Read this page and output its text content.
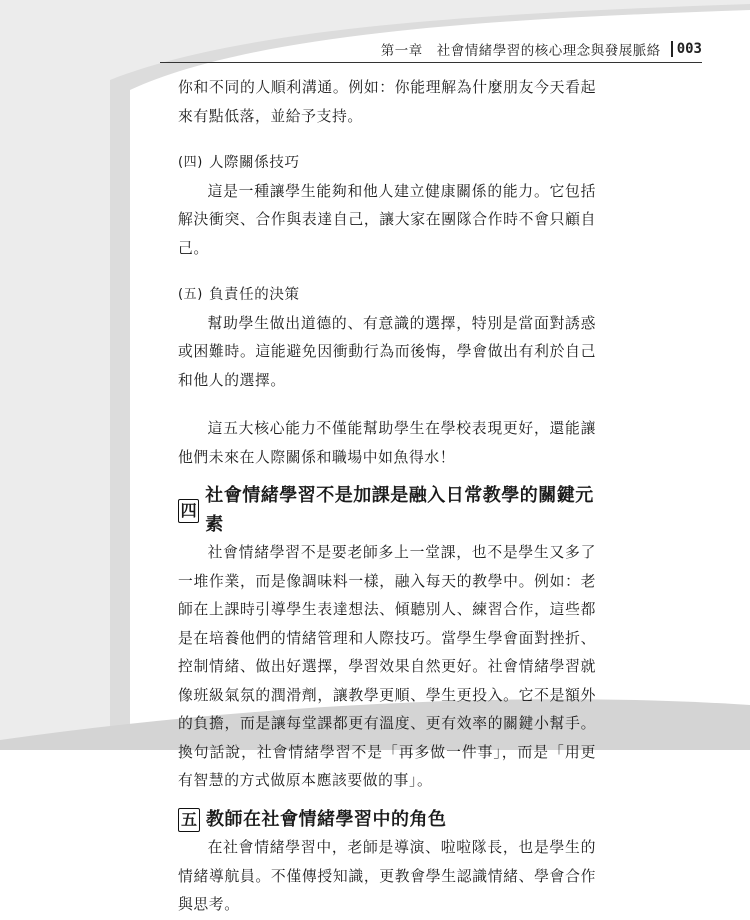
第一章　社會情緒學習的核心理念與發展脈絡	003

你和不同的人順利溝通。例如：你能理解為什麼朋友今天看起來有點低落，並給予支持。

(四) 人際關係技巧

這是一種讓學生能夠和他人建立健康關係的能力。它包括解決衝突、合作與表達自己，讓大家在團隊合作時不會只顧自己。

(五) 負責任的決策

幫助學生做出道德的、有意識的選擇，特別是當面對誘惑或困難時。這能避免因衝動行為而後悔，學會做出有利於自己和他人的選擇。

這五大核心能力不僅能幫助學生在學校表現更好，還能讓他們未來在人際關係和職場中如魚得水！

四
社會情緒學習不是加課是融入日常教學的關鍵元素

社會情緒學習不是要老師多上一堂課，也不是學生又多了一堆作業，而是像調味料一樣，融入每天的教學中。例如：老師在上課時引導學生表達想法、傾聽別人、練習合作，這些都是在培養他們的情緒管理和人際技巧。當學生學會面對挫折、控制情緒、做出好選擇，學習效果自然更好。社會情緒學習就像班級氣氛的潤滑劑，讓教學更順、學生更投入。它不是額外的負擔，而是讓每堂課都更有溫度、更有效率的關鍵小幫手。換句話說，社會情緒學習不是「再多做一件事」，而是「用更有智慧的方式做原本應該要做的事」。

五 教師在社會情緒學習中的角色

在社會情緒學習中，老師是導演、啦啦隊長，也是學生的情緒導航員。不僅傳授知識，更教會學生認識情緒、學會合作與思考。
